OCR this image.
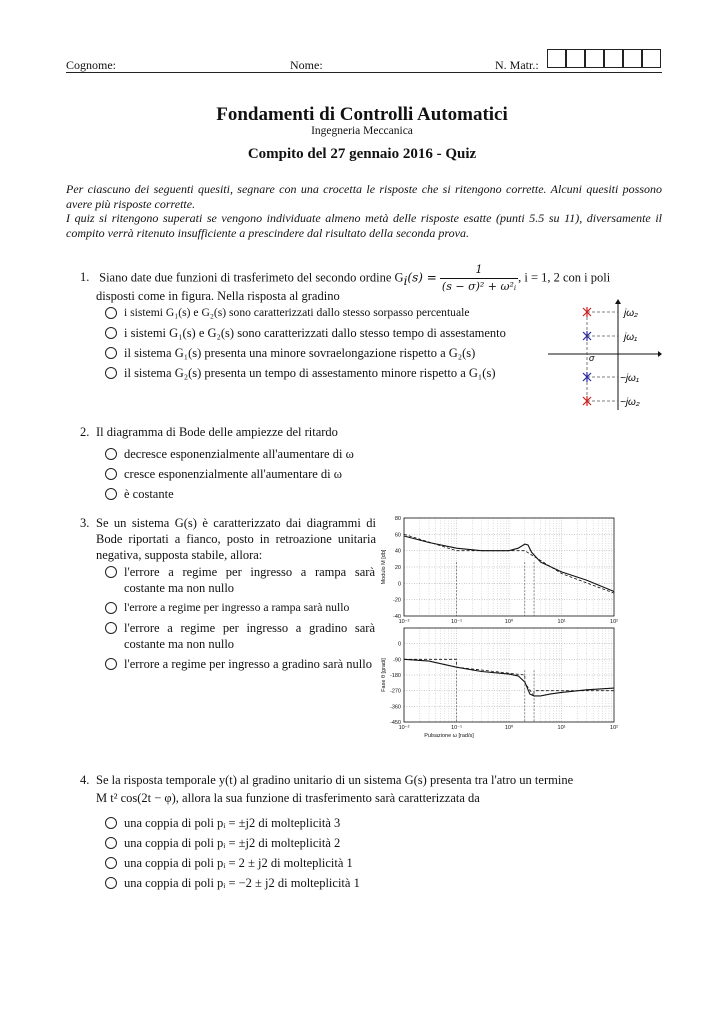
Cognome:	Nome:	N. Matr.:
Fondamenti di Controlli Automatici
Ingegneria Meccanica
Compito del 27 gennaio 2016 - Quiz
Per ciascuno dei seguenti quesiti, segnare con una crocetta le risposte che si ritengono corrette. Alcuni quesiti possono avere più risposte corrette.
I quiz si ritengono superati se vengono individuate almeno metà delle risposte esatte (punti 5.5 su 11), diversamente il compito verrà ritenuto insufficiente a prescindere dal risultato della seconda prova.
1. Siano date due funzioni di trasferimeto del secondo ordine $G_i(s) = \frac{1}{\text{(s − σ)² + ω²ᵢ}}$ , i = 1, 2 con i poli
disposti come in figura. Nella risposta al gradino
i sistemi G₁(s) e G₂(s) sono caratterizzati dallo stesso sorpasso percentuale
i sistemi G₁(s) e G₂(s) sono caratterizzati dallo stesso tempo di assestamento
il sistema G₁(s) presenta una minore sovraelongazione rispetto a G₂(s)
il sistema G₂(s) presenta un tempo di assestamento minore rispetto a G₁(s)
jω₂
jω₁
−jω₁
−jω₂
σ
2. Il diagramma di Bode delle ampiezze del ritardo
decresce esponenzialmente all'aumentare di ω
cresce esponenzialmente all'aumentare di ω
è costante
3. Se un sistema G(s) è caratterizzato dai diagrammi di Bode riportati a fianco, posto in retroazione unitaria negativa, supposta stabile, allora:
l'errore a regime per ingresso a rampa sarà costante ma non nullo
l'errore a regime per ingresso a rampa sarà nullo
l'errore a regime per ingresso a gradino sarà costante ma non nullo
l'errore a regime per ingresso a gradino sarà nullo
-40
-20
0
20
40
60
80
10⁻²	10⁻¹	10⁰	10¹	10²
Modulo M [db]
-450
-360
-270
-180
-90
0
10⁻²	10⁻¹	10⁰	10¹	10²
Fase θ [gradi]
Pulsazione ω [rad/s]
4. Se la risposta temporale y(t) al gradino unitario di un sistema G(s) presenta tra l'atro un termine
M t² cos(2t − φ), allora la sua funzione di trasferimento sarà caratterizzata da
una coppia di poli pᵢ = ±j2 di molteplicità 3
una coppia di poli pᵢ = ±j2 di molteplicità 2
una coppia di poli pᵢ = 2 ± j2 di molteplicità 1
una coppia di poli pᵢ = −2 ± j2 di molteplicità 1
